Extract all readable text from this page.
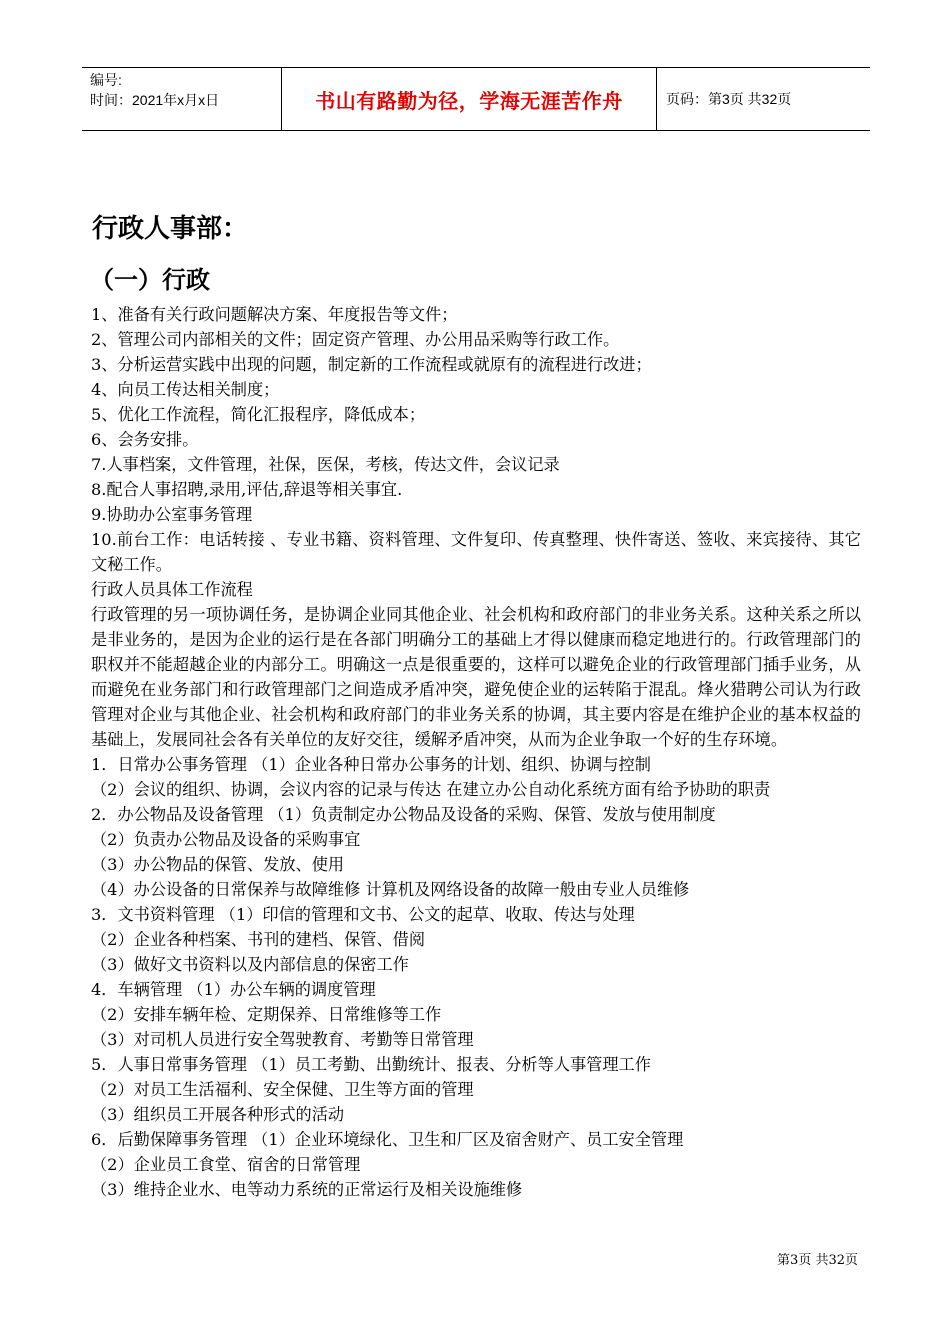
编号:
时间：2021年x月x日	书山有路勤为径，学海无涯苦作舟	页码：第3页 共32页
行政人事部：
（一）行政

1、准备有关行政问题解决方案、年度报告等文件；

2、管理公司内部相关的文件；固定资产管理、办公用品采购等行政工作。

3、分析运营实践中出现的问题，制定新的工作流程或就原有的流程进行改进；

4、向员工传达相关制度；

5、优化工作流程，简化汇报程序，降低成本；

6、会务安排。

7.人事档案，文件管理，社保，医保，考核，传达文件，会议记录

8.配合人事招聘,录用,评估,辞退等相关事宜.

9.协助办公室事务管理

10.前台工作：电话转接 、专业书籍、资料管理、文件复印、传真整理、快件寄送、签收、来宾接待、其它文秘工作。

行政人员具体工作流程

行政管理的另一项协调任务，是协调企业同其他企业、社会机构和政府部门的非业务关系。这种关系之所以是非业务的，是因为企业的运行是在各部门明确分工的基础上才得以健康而稳定地进行的。行政管理部门的职权并不能超越企业的内部分工。明确这一点是很重要的，这样可以避免企业的行政管理部门插手业务，从而避免在业务部门和行政管理部门之间造成矛盾冲突，避免使企业的运转陷于混乱。烽火猎聘公司认为行政管理对企业与其他企业、社会机构和政府部门的非业务关系的协调，其主要内容是在维护企业的基本权益的基础上，发展同社会各有关单位的友好交往，缓解矛盾冲突，从而为企业争取一个好的生存环境。

1．日常办公事务管理 （1）企业各种日常办公事务的计划、组织、协调与控制

（2）会议的组织、协调，会议内容的记录与传达 在建立办公自动化系统方面有给予协助的职责

2．办公物品及设备管理 （1）负责制定办公物品及设备的采购、保管、发放与使用制度

（2）负责办公物品及设备的采购事宜

（3）办公物品的保管、发放、使用

（4）办公设备的日常保养与故障维修 计算机及网络设备的故障一般由专业人员维修

3．文书资料管理 （1）印信的管理和文书、公文的起草、收取、传达与处理

（2）企业各种档案、书刊的建档、保管、借阅

（3）做好文书资料以及内部信息的保密工作

4．车辆管理 （1）办公车辆的调度管理

（2）安排车辆年检、定期保养、日常维修等工作

（3）对司机人员进行安全驾驶教育、考勤等日常管理

5．人事日常事务管理 （1）员工考勤、出勤统计、报表、分析等人事管理工作

（2）对员工生活福利、安全保健、卫生等方面的管理

（3）组织员工开展各种形式的活动

6．后勤保障事务管理 （1）企业环境绿化、卫生和厂区及宿舍财产、员工安全管理

（2）企业员工食堂、宿舍的日常管理

（3）维持企业水、电等动力系统的正常运行及相关设施维修

第3页 共32页
